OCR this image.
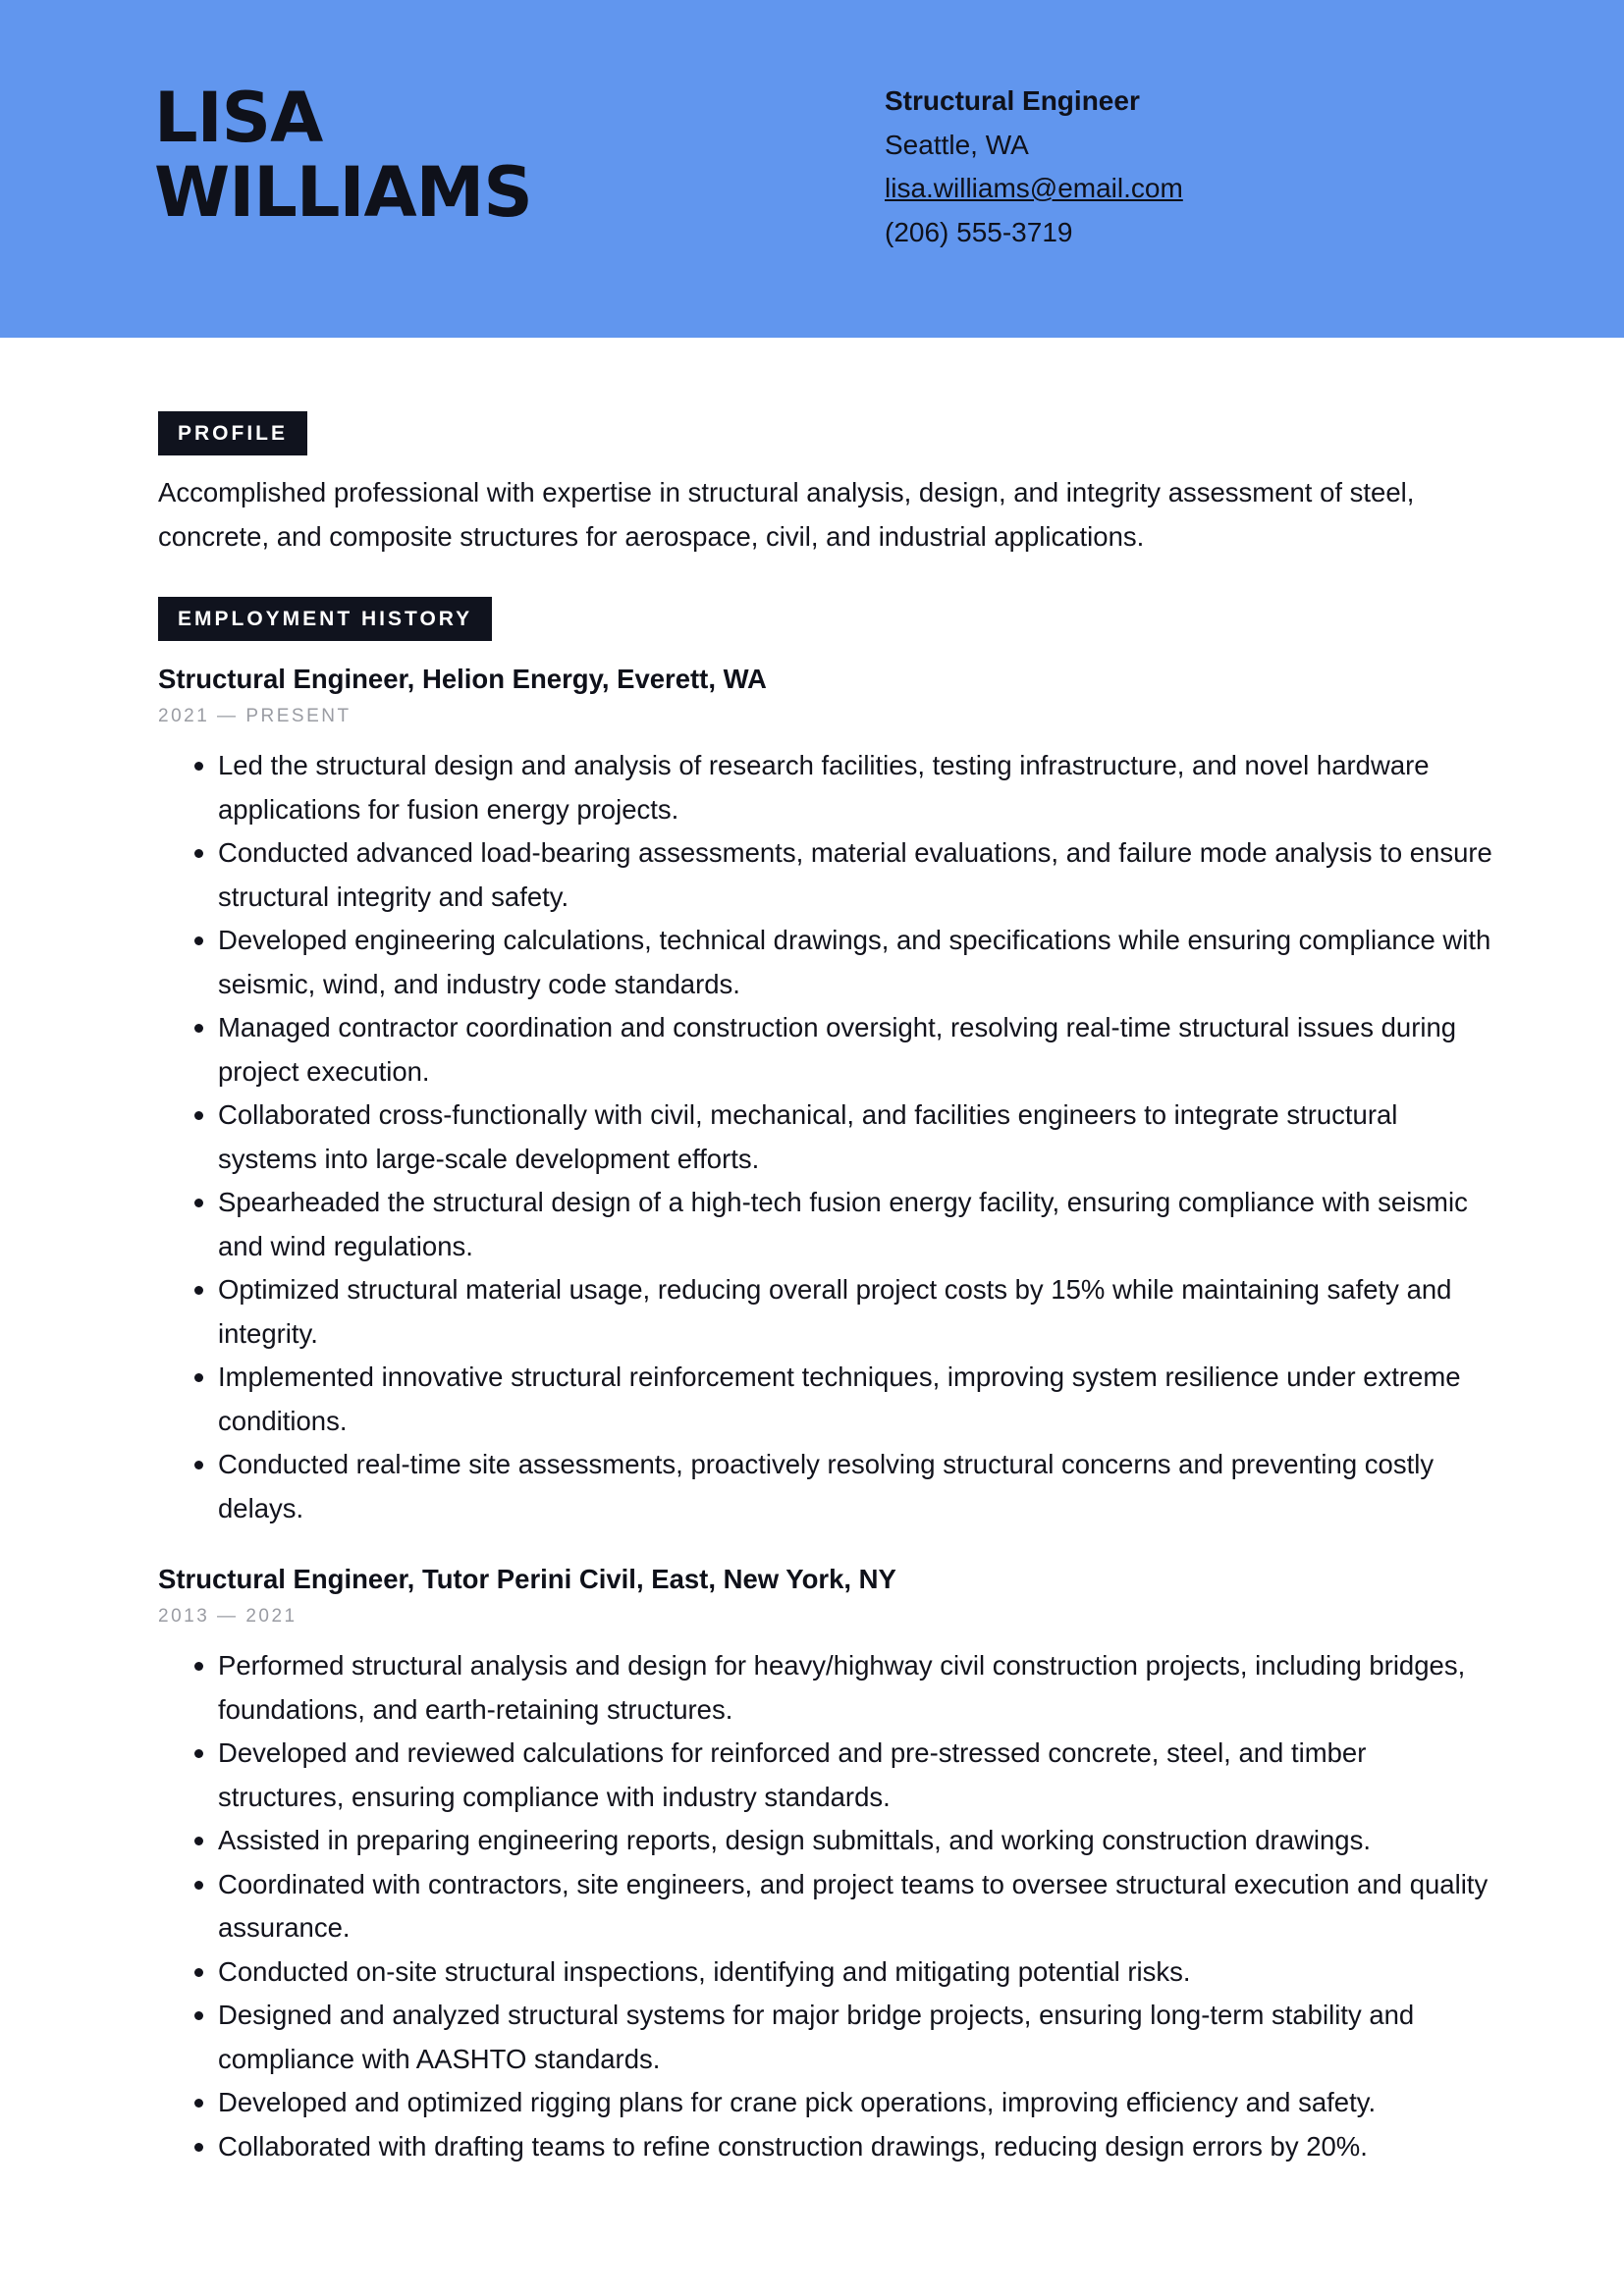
LISA
WILLIAMS
Structural Engineer
Seattle, WA
lisa.williams@email.com
(206) 555-3719
PROFILE
Accomplished professional with expertise in structural analysis, design, and integrity assessment of steel, concrete, and composite structures for aerospace, civil, and industrial applications.
EMPLOYMENT HISTORY
Structural Engineer, Helion Energy, Everett, WA
2021 — PRESENT
Led the structural design and analysis of research facilities, testing infrastructure, and novel hardware applications for fusion energy projects.
Conducted advanced load-bearing assessments, material evaluations, and failure mode analysis to ensure structural integrity and safety.
Developed engineering calculations, technical drawings, and specifications while ensuring compliance with seismic, wind, and industry code standards.
Managed contractor coordination and construction oversight, resolving real-time structural issues during project execution.
Collaborated cross-functionally with civil, mechanical, and facilities engineers to integrate structural systems into large-scale development efforts.
Spearheaded the structural design of a high-tech fusion energy facility, ensuring compliance with seismic and wind regulations.
Optimized structural material usage, reducing overall project costs by 15% while maintaining safety and integrity.
Implemented innovative structural reinforcement techniques, improving system resilience under extreme conditions.
Conducted real-time site assessments, proactively resolving structural concerns and preventing costly delays.
Structural Engineer, Tutor Perini Civil, East, New York, NY
2013 — 2021
Performed structural analysis and design for heavy/highway civil construction projects, including bridges, foundations, and earth-retaining structures.
Developed and reviewed calculations for reinforced and pre-stressed concrete, steel, and timber structures, ensuring compliance with industry standards.
Assisted in preparing engineering reports, design submittals, and working construction drawings.
Coordinated with contractors, site engineers, and project teams to oversee structural execution and quality assurance.
Conducted on-site structural inspections, identifying and mitigating potential risks.
Designed and analyzed structural systems for major bridge projects, ensuring long-term stability and compliance with AASHTO standards.
Developed and optimized rigging plans for crane pick operations, improving efficiency and safety.
Collaborated with drafting teams to refine construction drawings, reducing design errors by 20%.
